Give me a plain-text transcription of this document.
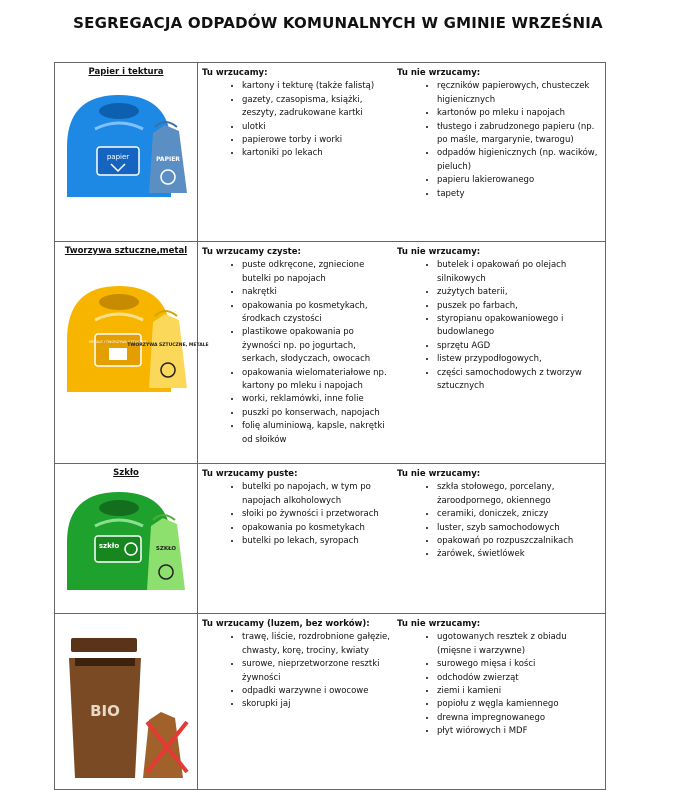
SEGREGACJA ODPADÓW KOMUNALNYCH W GMINIE WRZEŚNIA
Papier i tektura
papier	PAPIER
Tu wrzucamy:
• kartony i tekturę (także falistą)
• gazety, czasopisma, książki, zeszyty, zadrukowane kartki
• ulotki
• papierowe torby i worki
• kartoniki po lekach
Tu nie wrzucamy:
• ręczników papierowych, chusteczek higienicznych
• kartonów po mleku i napojach
• tłustego i zabrudzonego papieru (np. po maśle, margarynie, twarogu)
• odpadów higienicznych (np. wacików, pieluch)
• papieru lakierowanego
• tapety
Tworzywa sztuczne,metal
METALE I TWORZYWA SZTUCZNE
TWORZYWA SZTUCZNE, METALE
Tu wrzucamy czyste:
• puste odkręcone, zgniecione butelki po napojach
• nakrętki
• opakowania po kosmetykach, środkach czystości
• plastikowe opakowania po żywności np. po jogurtach, serkach, słodyczach, owocach
• opakowania wielomateriałowe np. kartony po mleku i napojach
• worki, reklamówki, inne folie
• puszki po konserwach, napojach
• folię aluminiową, kapsle, nakrętki od słoików
Tu nie wrzucamy:
• butelek i opakowań po olejach silnikowych
• zużytych baterii,
• puszek po farbach,
• styropianu opakowaniowego i budowlanego
• sprzętu AGD
• listew przypodłogowych,
• części samochodowych z tworzyw sztucznych
Szkło
szkło	SZKŁO
Tu wrzucamy puste:
• butelki po napojach, w tym po napojach alkoholowych
• słoiki po żywności i przetworach
• opakowania po kosmetykach
• butelki po lekach, syropach
Tu nie wrzucamy:
• szkła stołowego, porcelany, żaroodpornego, okiennego
• ceramiki, doniczek, zniczy
• luster, szyb samochodowych
• opakowań po rozpuszczalnikach
• żarówek, świetlówek
BIO
Tu wrzucamy (luzem, bez worków):
• trawę, liście, rozdrobnione gałęzie, chwasty, korę, trociny, kwiaty
• surowe, nieprzetworzone resztki żywności
• odpadki warzywne i owocowe
• skorupki jaj
Tu nie wrzucamy:
• ugotowanych resztek z obiadu (mięsne i warzywne)
• surowego mięsa i kości
• odchodów zwierząt
• ziemi i kamieni
• popiołu z węgla kamiennego
• drewna impregnowanego
• płyt wiórowych i MDF
